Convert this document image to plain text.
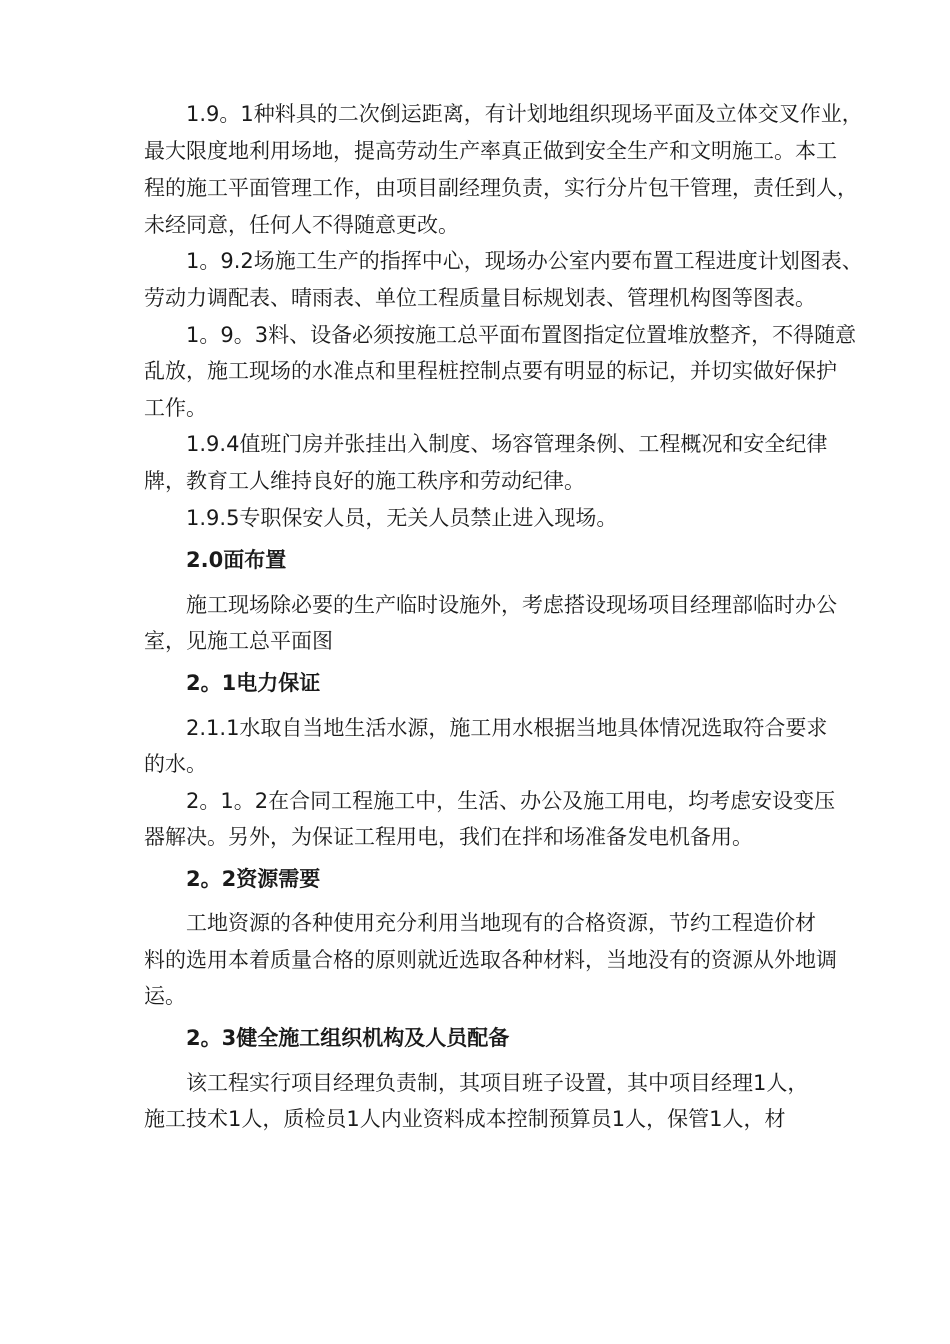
1.9。1种料具的二次倒运距离，有计划地组织现场平面及立体交叉作业，
最大限度地利用场地，提高劳动生产率真正做到安全生产和文明施工。本工
程的施工平面管理工作，由项目副经理负责，实行分片包干管理，责任到人，
未经同意，任何人不得随意更改。
1。9.2场施工生产的指挥中心，现场办公室内要布置工程进度计划图表、
劳动力调配表、晴雨表、单位工程质量目标规划表、管理机构图等图表。
1。9。3料、设备必须按施工总平面布置图指定位置堆放整齐，不得随意
乱放，施工现场的水准点和里程桩控制点要有明显的标记，并切实做好保护
工作。
1.9.4值班门房并张挂出入制度、场容管理条例、工程概况和安全纪律
牌，教育工人维持良好的施工秩序和劳动纪律。
1.9.5专职保安人员，无关人员禁止进入现场。
2.0面布置
施工现场除必要的生产临时设施外，考虑搭设现场项目经理部临时办公
室，见施工总平面图
2。1电力保证
2.1.1水取自当地生活水源，施工用水根据当地具体情况选取符合要求
的水。
2。1。2在合同工程施工中，生活、办公及施工用电，均考虑安设变压
器解决。另外，为保证工程用电，我们在拌和场准备发电机备用。
2。2资源需要
工地资源的各种使用充分利用当地现有的合格资源，节约工程造价材
料的选用本着质量合格的原则就近选取各种材料，当地没有的资源从外地调
运。
2。3健全施工组织机构及人员配备
该工程实行项目经理负责制，其项目班子设置，其中项目经理1人，
施工技术1人，质检员1人内业资料成本控制预算员1人，保管1人，材
